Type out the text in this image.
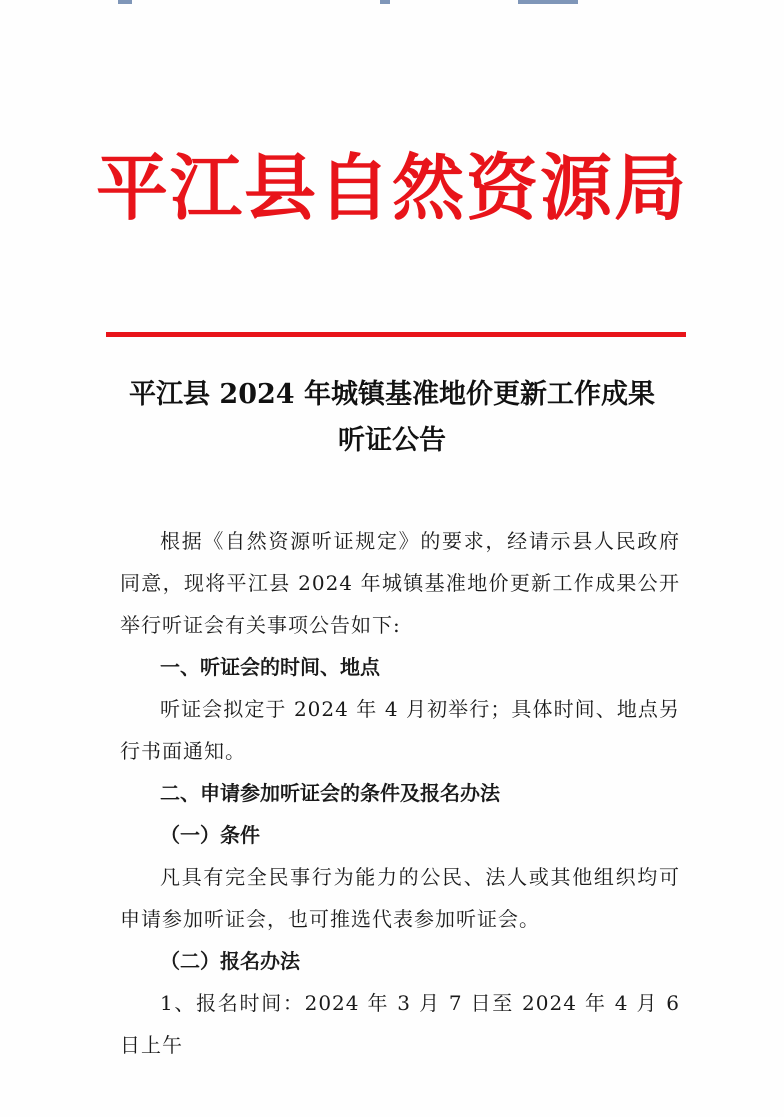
平江县自然资源局
平江县 2024 年城镇基准地价更新工作成果
听证公告

根据《自然资源听证规定》的要求，经请示县人民政府同意，现将平江县 2024 年城镇基准地价更新工作成果公开举行听证会有关事项公告如下:

一、听证会的时间、地点

听证会拟定于 2024 年 4 月初举行；具体时间、地点另行书面通知。

二、申请参加听证会的条件及报名办法

（一）条件

凡具有完全民事行为能力的公民、法人或其他组织均可申请参加听证会，也可推选代表参加听证会。

（二）报名办法

1、报名时间：2024 年 3 月 7 日至 2024 年 4 月 6 日上午
